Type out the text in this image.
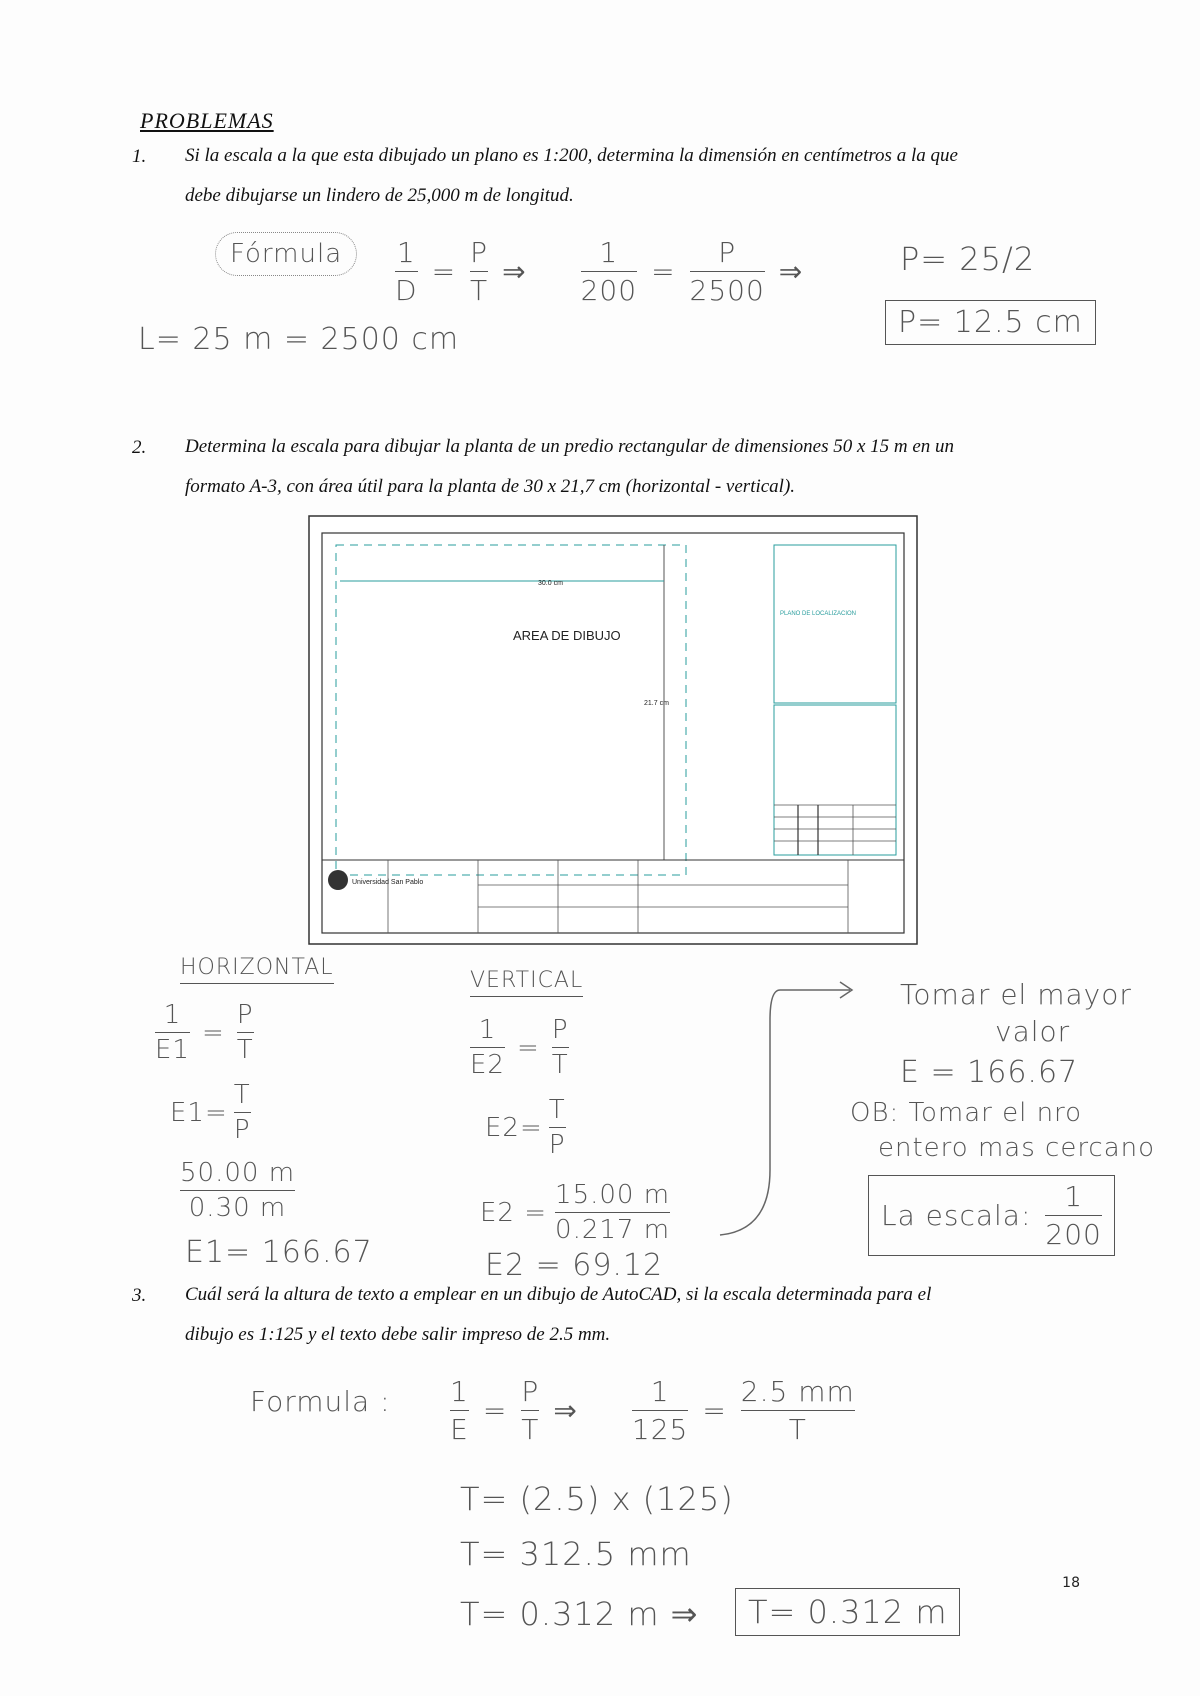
PROBLEMAS
1. Si la escala a la que esta dibujado un plano es 1:200, determina la dimensión en centímetros a la que
debe dibujarse un lindero de 25,000 m de longitud.
Fórmula	$\frac{1}{D} = \frac{P}{T}$ ⇒ $\frac{1}{200} = \frac{P}{2500}$ ⇒	P= 25/2
P= 12.5 cm
L= 25 m = 2500 cm
2. Determina la escala para dibujar la planta de un predio rectangular de dimensiones 50 x 15 m en un
formato A-3, con área útil para la planta de 30 x 21,7 cm (horizontal - vertical).
Universidad San Pablo
AREA DE DIBUJO
30.0 cm
21.7 cm
PLANO DE LOCALIZACION
HORIZONTAL
VERTICAL
$\frac{1}{E1} = \frac{P}{T}$
$E1= \frac{T}{P}$
$\frac{50.00 m}{0.30 m}$
E1= 166.67
$\frac{1}{E2} = \frac{P}{T}$
$E2= \frac{T}{P}$
$E2 = \frac{15.00 m}{0.217 m}$
E2 = 69.12
Tomar el mayor
valor
E = 166.67
OB: Tomar el nro
entero mas cercano
La escala: $\frac{1}{200}$
3. Cuál será la altura de texto a emplear en un dibujo de AutoCAD, si la escala determinada para el
dibujo es 1:125 y el texto debe salir impreso de 2.5 mm.
Formula : $\frac{1}{E} = \frac{P}{T}$ ⇒ $\frac{1}{125} = \frac{2.5 mm}{T}$
T= (2.5) x (125)
T= 312.5 mm
T= 0.312 m ⇒	T= 0.312 m
18
